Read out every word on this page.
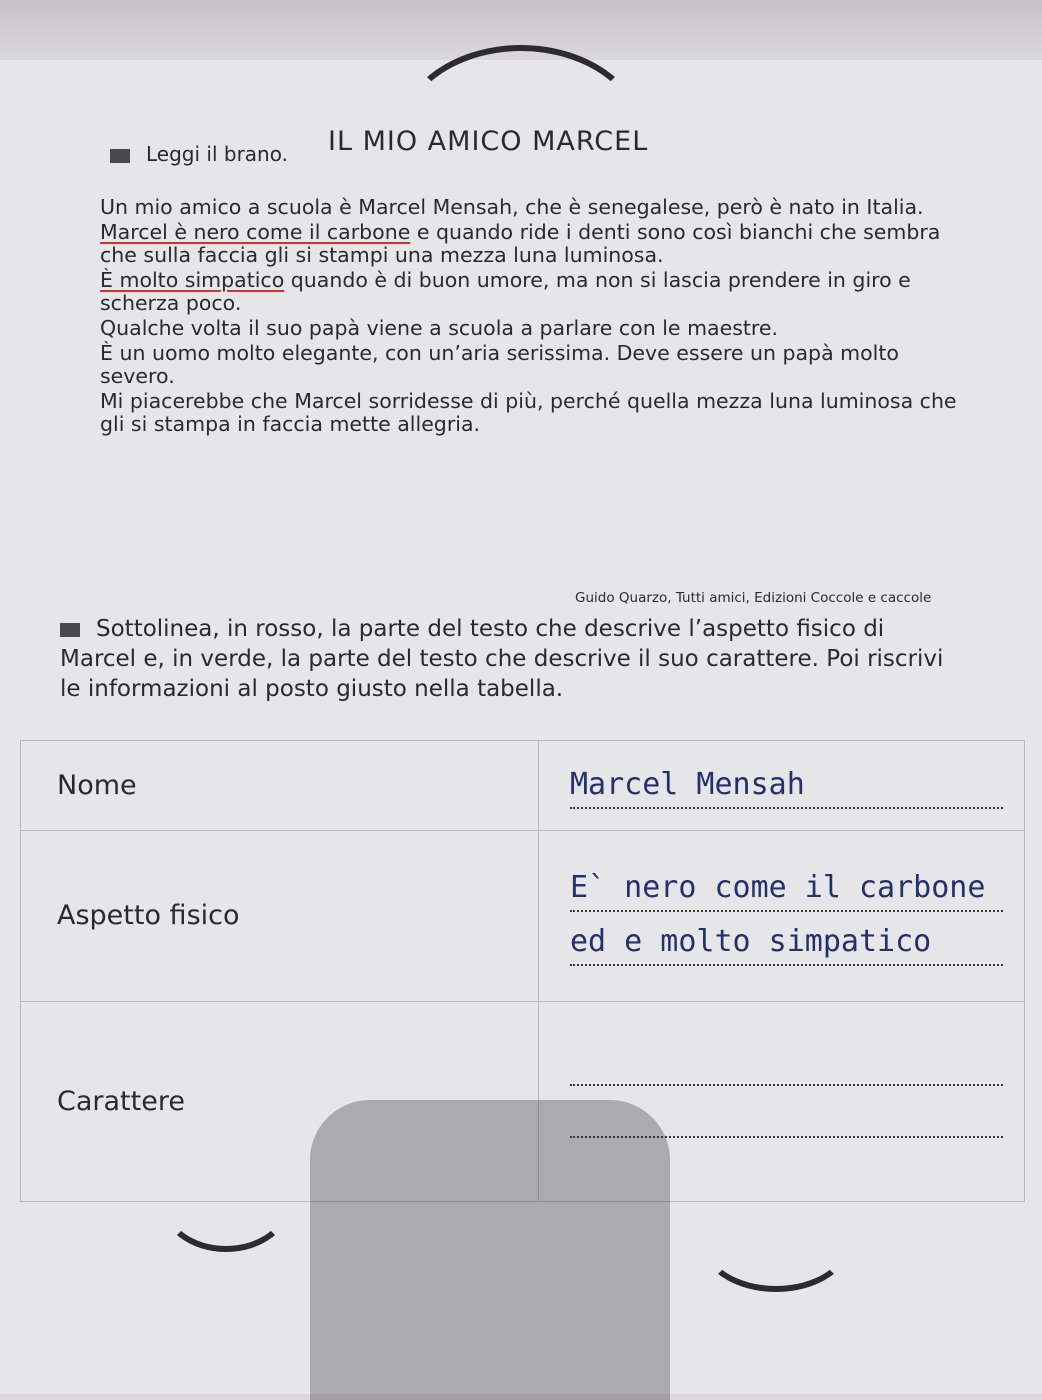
IL MIO AMICO MARCEL
Leggi il brano.

Un mio amico a scuola è Marcel Mensah, che è senegalese, però è nato in Italia.

Marcel è nero come il carbone e quando ride i denti sono così bianchi che sembra che sulla faccia gli si stampi una mezza luna luminosa.

È molto simpatico quando è di buon umore, ma non si lascia prendere in giro e scherza poco.

Qualche volta il suo papà viene a scuola a parlare con le maestre.

È un uomo molto elegante, con un’aria serissima. Deve essere un papà molto severo.

Mi piacerebbe che Marcel sorridesse di più, perché quella mezza luna luminosa che gli si stampa in faccia mette allegria.

Guido Quarzo, Tutti amici, Edizioni Coccole e caccole
Sottolinea, in rosso, la parte del testo che descrive l’aspetto fisico di Marcel e, in verde, la parte del testo che descrive il suo carattere. Poi riscrivi le informazioni al posto giusto nella tabella.
Nome	Marcel Mensah

Aspetto fisico	E` nero come il carbone
ed e molto simpatico

Carattere	
